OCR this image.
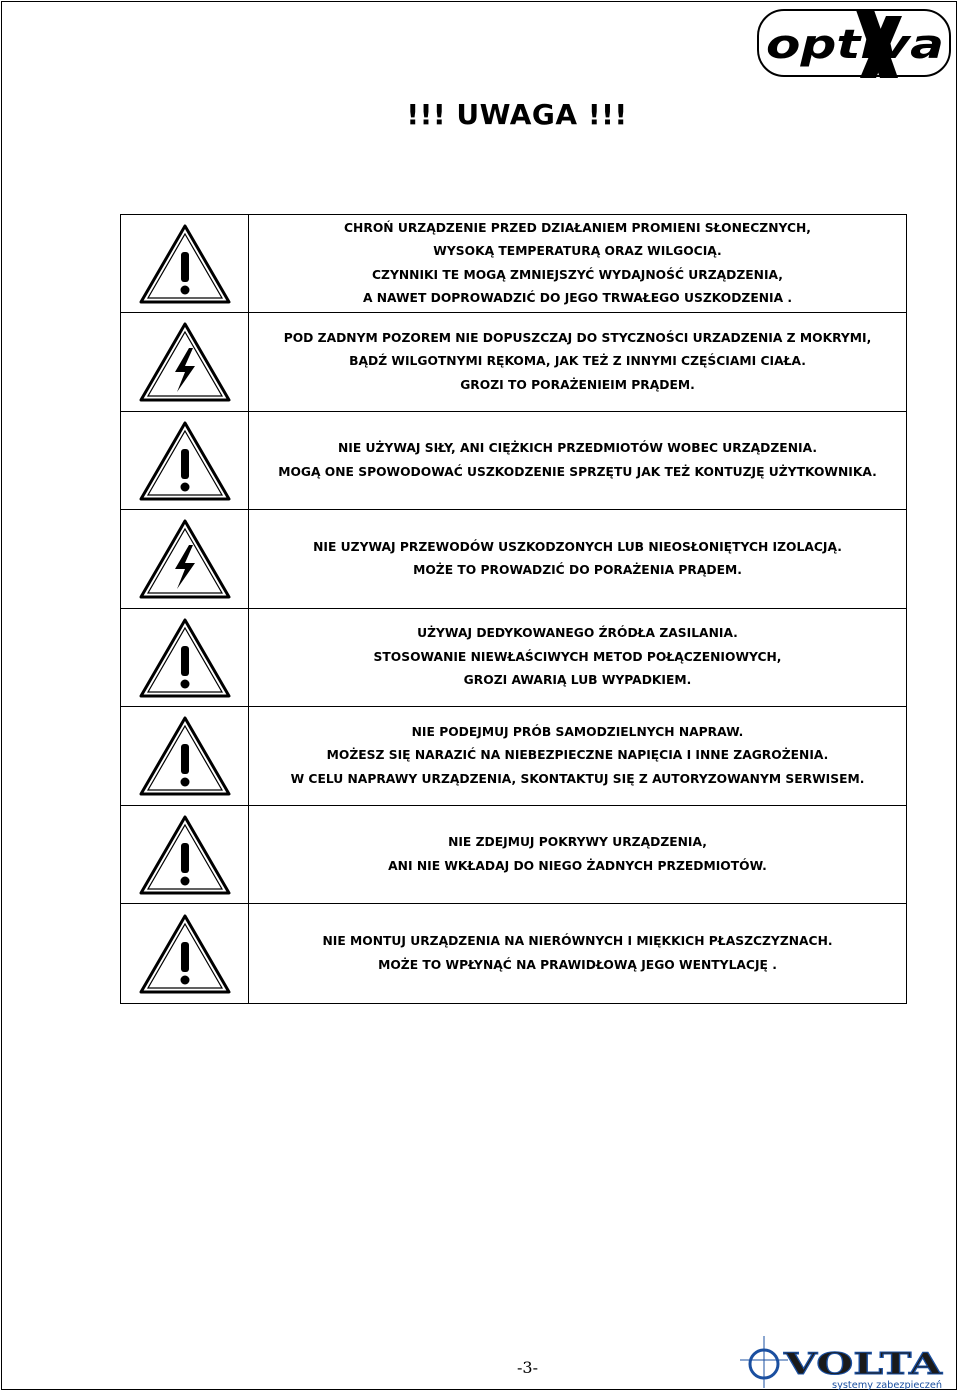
optiva
!!! UWAGA !!!
CHROŃ URZĄDZENIE PRZED DZIAŁANIEM PROMIENI SŁONECZNYCH,
WYSOKĄ TEMPERATURĄ ORAZ WILGOCIĄ.
CZYNNIKI TE MOGĄ ZMNIEJSZYĆ WYDAJNOŚĆ URZĄDZENIA,
A NAWET DOPROWADZIĆ DO JEGO TRWAŁEGO USZKODZENIA .
POD ZADNYM POZOREM NIE DOPUSZCZAJ DO STYCZNOŚCI URZADZENIA Z MOKRYMI,
BĄDŹ WILGOTNYMI RĘKOMA, JAK TEŻ Z INNYMI CZĘŚCIAMI CIAŁA.
GROZI TO PORAŻENIEIM PRĄDEM.
NIE UŻYWAJ SIŁY, ANI CIĘŻKICH PRZEDMIOTÓW WOBEC URZĄDZENIA.
MOGĄ ONE SPOWODOWAĆ USZKODZENIE SPRZĘTU JAK TEŻ KONTUZJĘ UŻYTKOWNIKA.
NIE UZYWAJ PRZEWODÓW USZKODZONYCH LUB NIEOSŁONIĘTYCH IZOLACJĄ.
MOŻE TO PROWADZIĆ DO PORAŻENIA PRĄDEM.
UŻYWAJ DEDYKOWANEGO ŹRÓDŁA ZASILANIA.
STOSOWANIE NIEWŁAŚCIWYCH METOD POŁĄCZENIOWYCH,
GROZI AWARIĄ LUB WYPADKIEM.
NIE PODEJMUJ PRÓB SAMODZIELNYCH NAPRAW.
MOŻESZ SIĘ NARAZIĆ NA NIEBEZPIECZNE NAPIĘCIA I INNE ZAGROŻENIA.
W CELU NAPRAWY URZĄDZENIA, SKONTAKTUJ SIĘ Z AUTORYZOWANYM SERWISEM.
NIE ZDEJMUJ POKRYWY URZĄDZENIA,
ANI NIE WKŁADAJ DO NIEGO ŻADNYCH PRZEDMIOTÓW.
NIE MONTUJ URZĄDZENIA NA NIERÓWNYCH I MIĘKKICH PŁASZCZYZNACH.
MOŻE TO WPŁYNĄĆ NA PRAWIDŁOWĄ JEGO WENTYLACJĘ .
-3-	VOLTA
systemy zabezpieczeń
